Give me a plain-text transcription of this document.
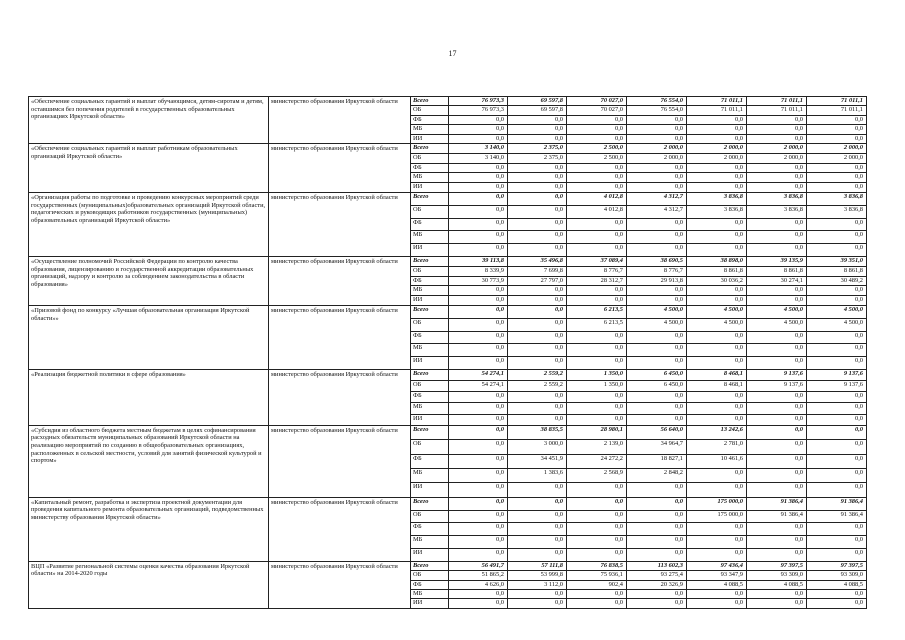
17
«Обеспечение социальных гарантий и выплат обучающимся, детям-сиротам и детям, оставшимся без попечения родителей в государственных образовательных организациях Иркутской области»	министерство образования Иркутской области	Всего	76 973,3	69 597,8	70 027,0	76 554,0	71 011,1	71 011,1	71 011,1
		ОБ	76 973,3	69 597,8	70 027,0	76 554,0	71 011,1	71 011,1	71 011,1
		ФБ	0,0	0,0	0,0	0,0	0,0	0,0	0,0
		МБ	0,0	0,0	0,0	0,0	0,0	0,0	0,0
		ИИ	0,0	0,0	0,0	0,0	0,0	0,0	0,0
«Обеспечение социальных гарантий и выплат работникам образовательных организаций Иркутской области»	министерство образования Иркутской области	Всего	3 140,0	2 375,0	2 500,0	2 000,0	2 000,0	2 000,0	2 000,0
		ОБ	3 140,0	2 375,0	2 500,0	2 000,0	2 000,0	2 000,0	2 000,0
		ФБ	0,0	0,0	0,0	0,0	0,0	0,0	0,0
		МБ	0,0	0,0	0,0	0,0	0,0	0,0	0,0
		ИИ	0,0	0,0	0,0	0,0	0,0	0,0	0,0
«Организация работы по подготовке и проведению конкурсных мероприятий среди государственных (муниципальных)образовательных организаций Иркутской области, педагогических и руководящих работников государственных (муниципальных) образовательных организаций Иркутской области»	министерство образования Иркутской области	Всего	0,0	0,0	4 012,8	4 312,7	3 836,8	3 836,8	3 836,8
		ОБ	0,0	0,0	4 012,8	4 312,7	3 836,8	3 836,8	3 836,8
		ФБ	0,0	0,0	0,0	0,0	0,0	0,0	0,0
		МБ	0,0	0,0	0,0	0,0	0,0	0,0	0,0
		ИИ	0,0	0,0	0,0	0,0	0,0	0,0	0,0
«Осуществление полномочий Российской Федерации по контролю качества образования, лицензированию и государственной аккредитации образовательных организаций, надзору и контролю за соблюдением законодательства в области образования»	министерство образования Иркутской области	Всего	39 113,8	35 496,8	37 089,4	38 690,5	38 898,0	39 135,9	39 351,0
		ОБ	8 339,9	7 699,8	8 776,7	8 776,7	8 861,8	8 861,8	8 861,8
		ФБ	30 773,9	27 797,0	28 312,7	29 913,8	30 036,2	30 274,1	30 489,2
		МБ	0,0	0,0	0,0	0,0	0,0	0,0	0,0
		ИИ	0,0	0,0	0,0	0,0	0,0	0,0	0,0
«Призовой фонд по конкурсу «Лучшая образовательная организация Иркутской области»»	министерство образования Иркутской области	Всего	0,0	0,0	6 213,5	4 500,0	4 500,0	4 500,0	4 500,0
		ОБ	0,0	0,0	6 213,5	4 500,0	4 500,0	4 500,0	4 500,0
		ФБ	0,0	0,0	0,0	0,0	0,0	0,0	0,0
		МБ	0,0	0,0	0,0	0,0	0,0	0,0	0,0
		ИИ	0,0	0,0	0,0	0,0	0,0	0,0	0,0
«Реализация бюджетной политики в сфере образования»	министерство образования Иркутской области	Всего	54 274,1	2 559,2	1 350,0	6 450,0	8 468,1	9 137,6	9 137,6
		ОБ	54 274,1	2 559,2	1 350,0	6 450,0	8 468,1	9 137,6	9 137,6
		ФБ	0,0	0,0	0,0	0,0	0,0	0,0	0,0
		МБ	0,0	0,0	0,0	0,0	0,0	0,0	0,0
		ИИ	0,0	0,0	0,0	0,0	0,0	0,0	0,0
«Субсидия из областного бюджета местным бюджетам в целях софинансирования расходных обязательств муниципальных образований Иркутской области на реализацию мероприятий по созданию в общеобразовательных организациях, расположенных в сельской местности, условий для занятий физической культурой и спортом»	министерство образования Иркутской области	Всего	0,0	38 835,5	28 980,1	56 640,0	13 242,6	0,0	0,0
		ОБ	0,0	3 000,0	2 139,0	34 964,7	2 781,0	0,0	0,0
		ФБ	0,0	34 451,9	24 272,2	18 827,1	10 461,6	0,0	0,0
		МБ	0,0	1 383,6	2 568,9	2 848,2	0,0	0,0	0,0
		ИИ	0,0	0,0	0,0	0,0	0,0	0,0	0,0
«Капитальный ремонт, разработка и экспертиза проектной документации для проведения капитального ремонта образовательных организаций, подведомственных министерству образования Иркутской области»	министерство образования Иркутской области	Всего	0,0	0,0	0,0	0,0	175 000,0	91 386,4	91 386,4
		ОБ	0,0	0,0	0,0	0,0	175 000,0	91 386,4	91 386,4
		ФБ	0,0	0,0	0,0	0,0	0,0	0,0	0,0
		МБ	0,0	0,0	0,0	0,0	0,0	0,0	0,0
		ИИ	0,0	0,0	0,0	0,0	0,0	0,0	0,0
ВЦП «Развитие региональной системы оценки качества образования Иркутской области» на 2014-2020 годы	министерство образования Иркутской области	Всего	56 491,7	57 111,8	76 838,5	113 602,3	97 436,4	97 397,5	97 397,5
		ОБ	51 865,2	53 999,8	75 936,1	93 275,4	93 347,9	93 309,0	93 309,0
		ФБ	4 626,0	3 112,0	902,4	20 326,9	4 088,5	4 088,5	4 088,5
		МБ	0,0	0,0	0,0	0,0	0,0	0,0	0,0
		ИИ	0,0	0,0	0,0	0,0	0,0	0,0	0,0
